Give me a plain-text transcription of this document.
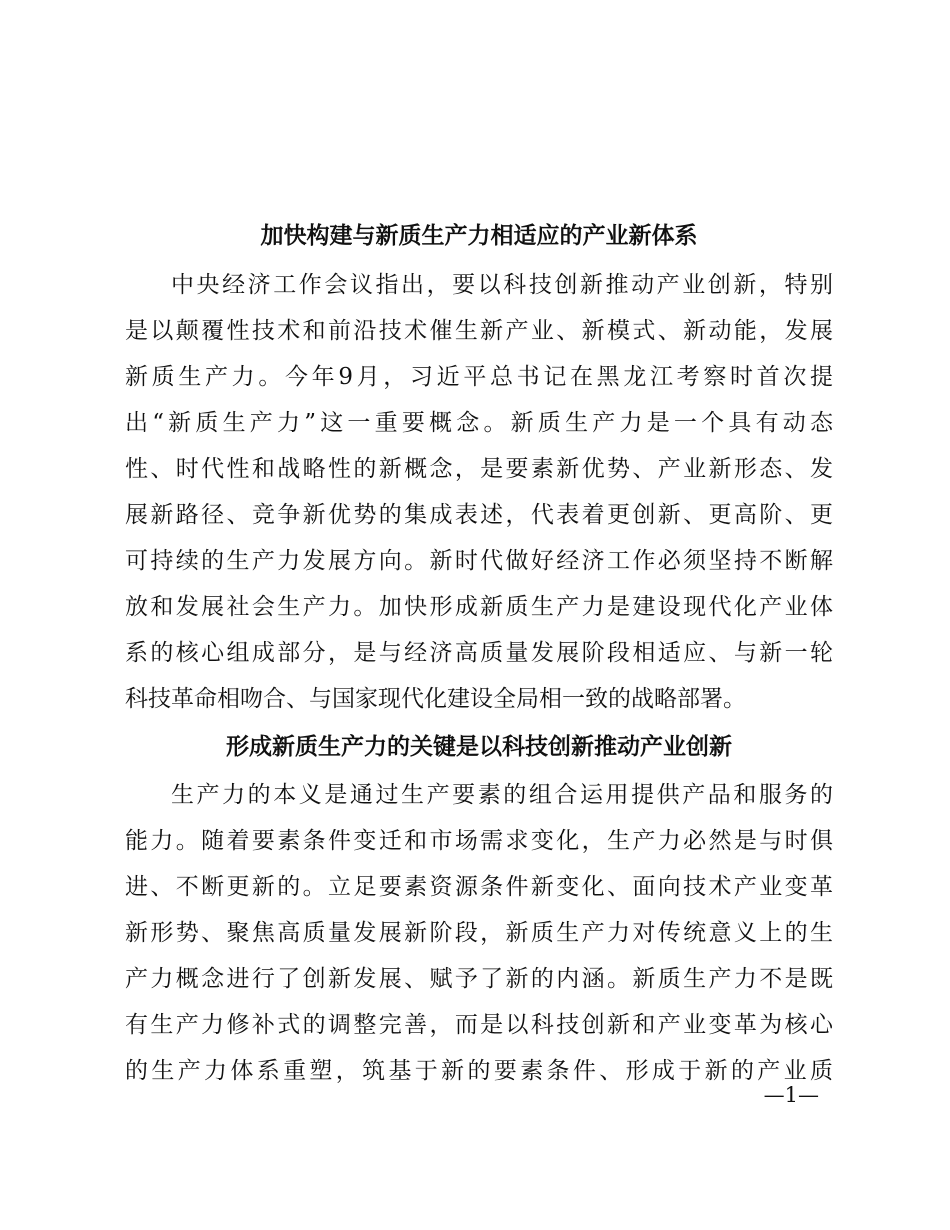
加快构建与新质生产力相适应的产业新体系
中央经济工作会议指出，要以科技创新推动产业创新，特别
是以颠覆性技术和前沿技术催生新产业、新模式、新动能，发展
新质生产力。今年9月，习近平总书记在黑龙江考察时首次提
出“新质生产力”这一重要概念。新质生产力是一个具有动态
性、时代性和战略性的新概念，是要素新优势、产业新形态、发
展新路径、竞争新优势的集成表述，代表着更创新、更高阶、更
可持续的生产力发展方向。新时代做好经济工作必须坚持不断解
放和发展社会生产力。加快形成新质生产力是建设现代化产业体
系的核心组成部分，是与经济高质量发展阶段相适应、与新一轮
科技革命相吻合、与国家现代化建设全局相一致的战略部署。
形成新质生产力的关键是以科技创新推动产业创新
生产力的本义是通过生产要素的组合运用提供产品和服务的
能力。随着要素条件变迁和市场需求变化，生产力必然是与时俱
进、不断更新的。立足要素资源条件新变化、面向技术产业变革
新形势、聚焦高质量发展新阶段，新质生产力对传统意义上的生
产力概念进行了创新发展、赋予了新的内涵。新质生产力不是既
有生产力修补式的调整完善，而是以科技创新和产业变革为核心
的生产力体系重塑，筑基于新的要素条件、形成于新的产业质
—1—
